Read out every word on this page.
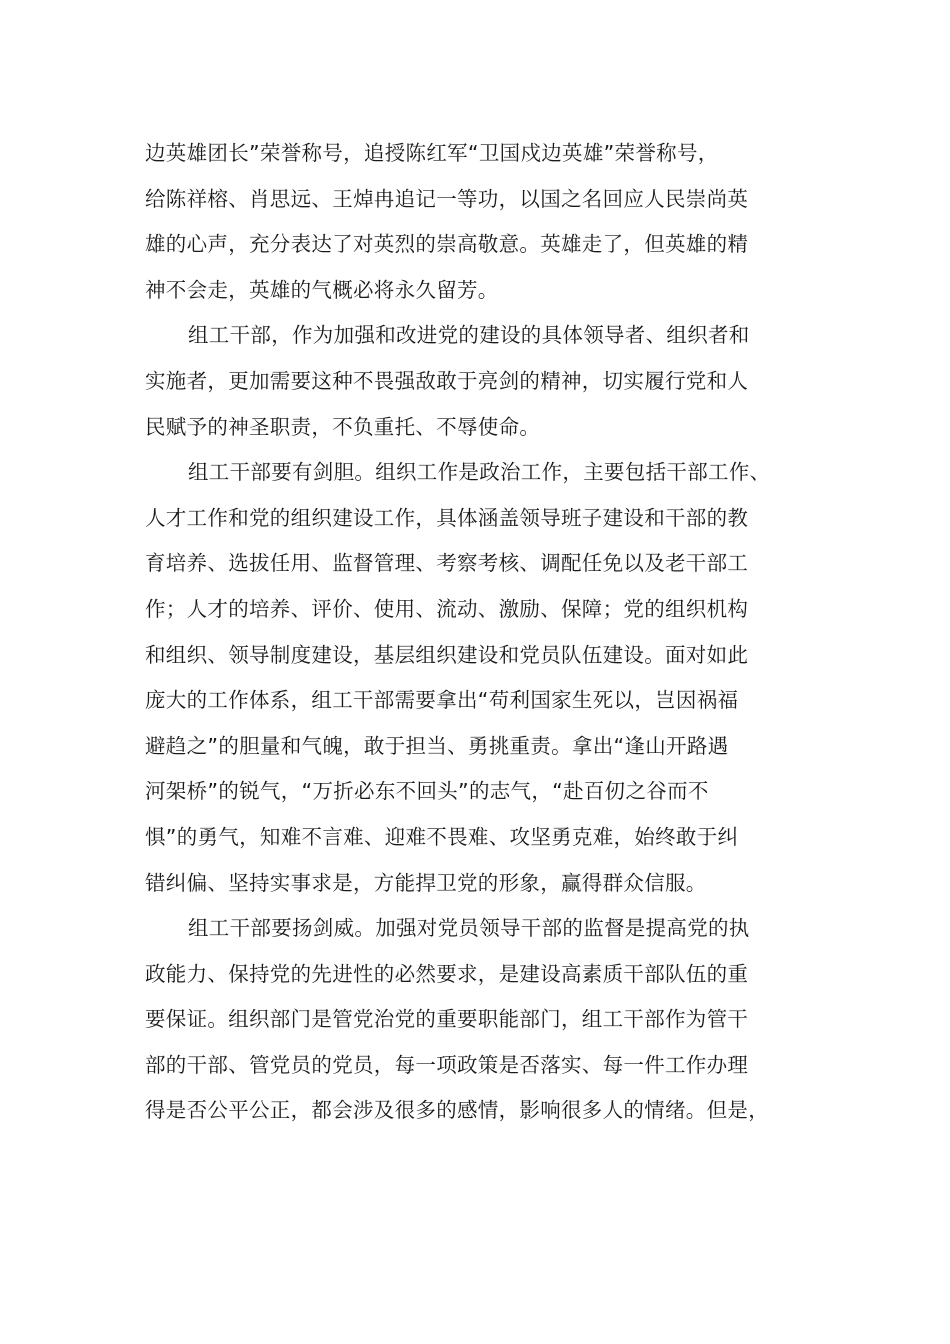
边英雄团长”荣誉称号，追授陈红军“卫国戍边英雄”荣誉称号，
给陈祥榕、肖思远、王焯冉追记一等功，以国之名回应人民崇尚英
雄的心声，充分表达了对英烈的崇高敬意。英雄走了，但英雄的精
神不会走，英雄的气概必将永久留芳。
组工干部，作为加强和改进党的建设的具体领导者、组织者和
实施者，更加需要这种不畏强敌敢于亮剑的精神，切实履行党和人
民赋予的神圣职责，不负重托、不辱使命。
组工干部要有剑胆。组织工作是政治工作，主要包括干部工作、
人才工作和党的组织建设工作，具体涵盖领导班子建设和干部的教
育培养、选拔任用、监督管理、考察考核、调配任免以及老干部工
作；人才的培养、评价、使用、流动、激励、保障；党的组织机构
和组织、领导制度建设，基层组织建设和党员队伍建设。面对如此
庞大的工作体系，组工干部需要拿出“苟利国家生死以，岂因祸福
避趋之”的胆量和气魄，敢于担当、勇挑重责。拿出“逢山开路遇
河架桥”的锐气，“万折必东不回头”的志气，“赴百仞之谷而不
惧”的勇气，知难不言难、迎难不畏难、攻坚勇克难，始终敢于纠
错纠偏、坚持实事求是，方能捍卫党的形象，赢得群众信服。
组工干部要扬剑威。加强对党员领导干部的监督是提高党的执
政能力、保持党的先进性的必然要求，是建设高素质干部队伍的重
要保证。组织部门是管党治党的重要职能部门，组工干部作为管干
部的干部、管党员的党员，每一项政策是否落实、每一件工作办理
得是否公平公正，都会涉及很多的感情，影响很多人的情绪。但是，
